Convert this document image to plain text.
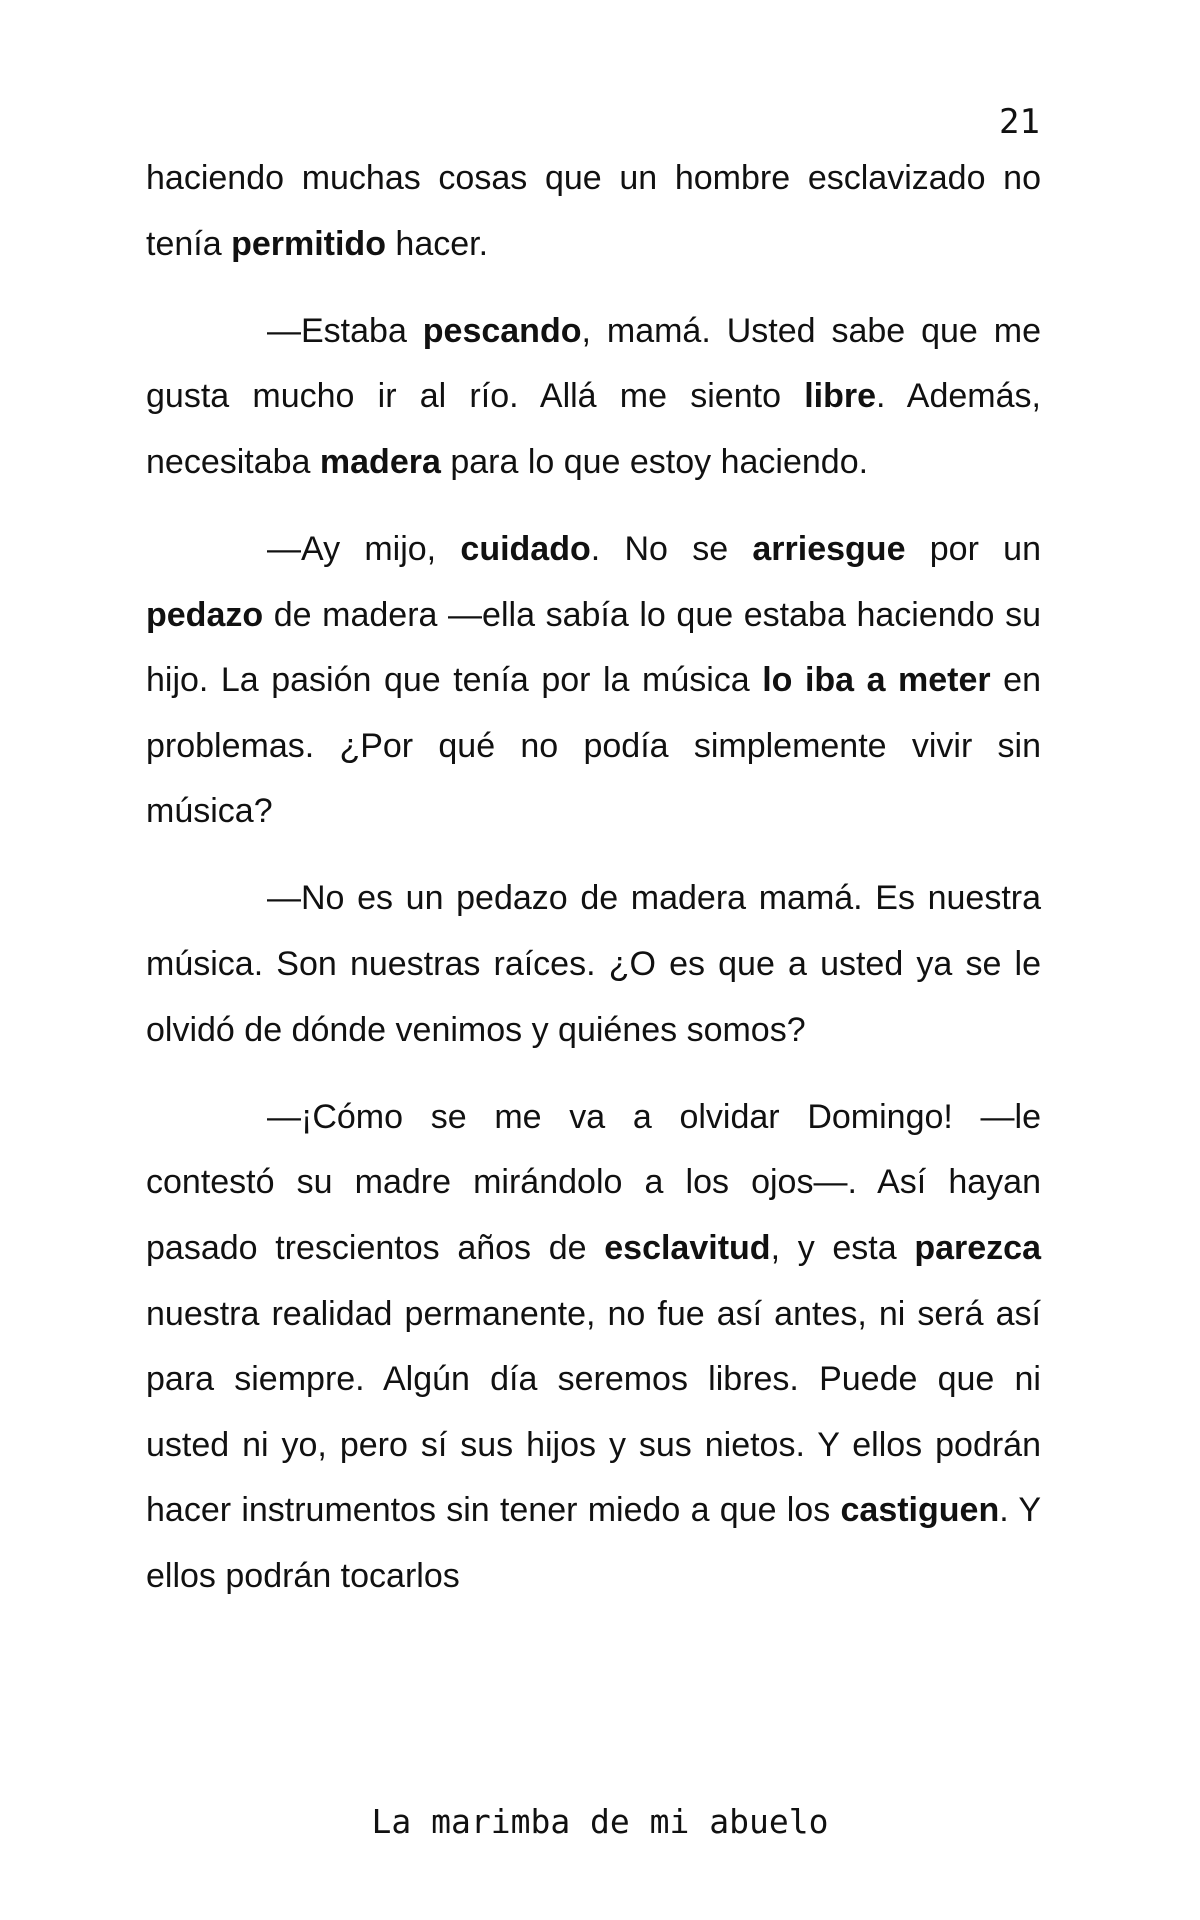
21

haciendo muchas cosas que un hombre esclavizado no tenía permitido hacer.

—Estaba pescando, mamá. Usted sabe que me gusta mucho ir al río. Allá me siento libre. Además, necesitaba madera para lo que estoy haciendo.

—Ay mijo, cuidado. No se arriesgue por un pedazo de madera —ella sabía lo que estaba haciendo su hijo. La pasión que tenía por la música lo iba a meter en problemas. ¿Por qué no podía simplemente vivir sin música?

—No es un pedazo de madera mamá. Es nuestra música. Son nuestras raíces. ¿O es que a usted ya se le olvidó de dónde venimos y quiénes somos?

—¡Cómo se me va a olvidar Domingo! —le contestó su madre mirándolo a los ojos—. Así hayan pasado trescientos años de esclavitud, y esta parezca nuestra realidad permanente, no fue así antes, ni será así para siempre. Algún día seremos libres. Puede que ni usted ni yo, pero sí sus hijos y sus nietos. Y ellos podrán hacer instrumentos sin tener miedo a que los castiguen. Y ellos podrán tocarlos

La marimba de mi abuelo
